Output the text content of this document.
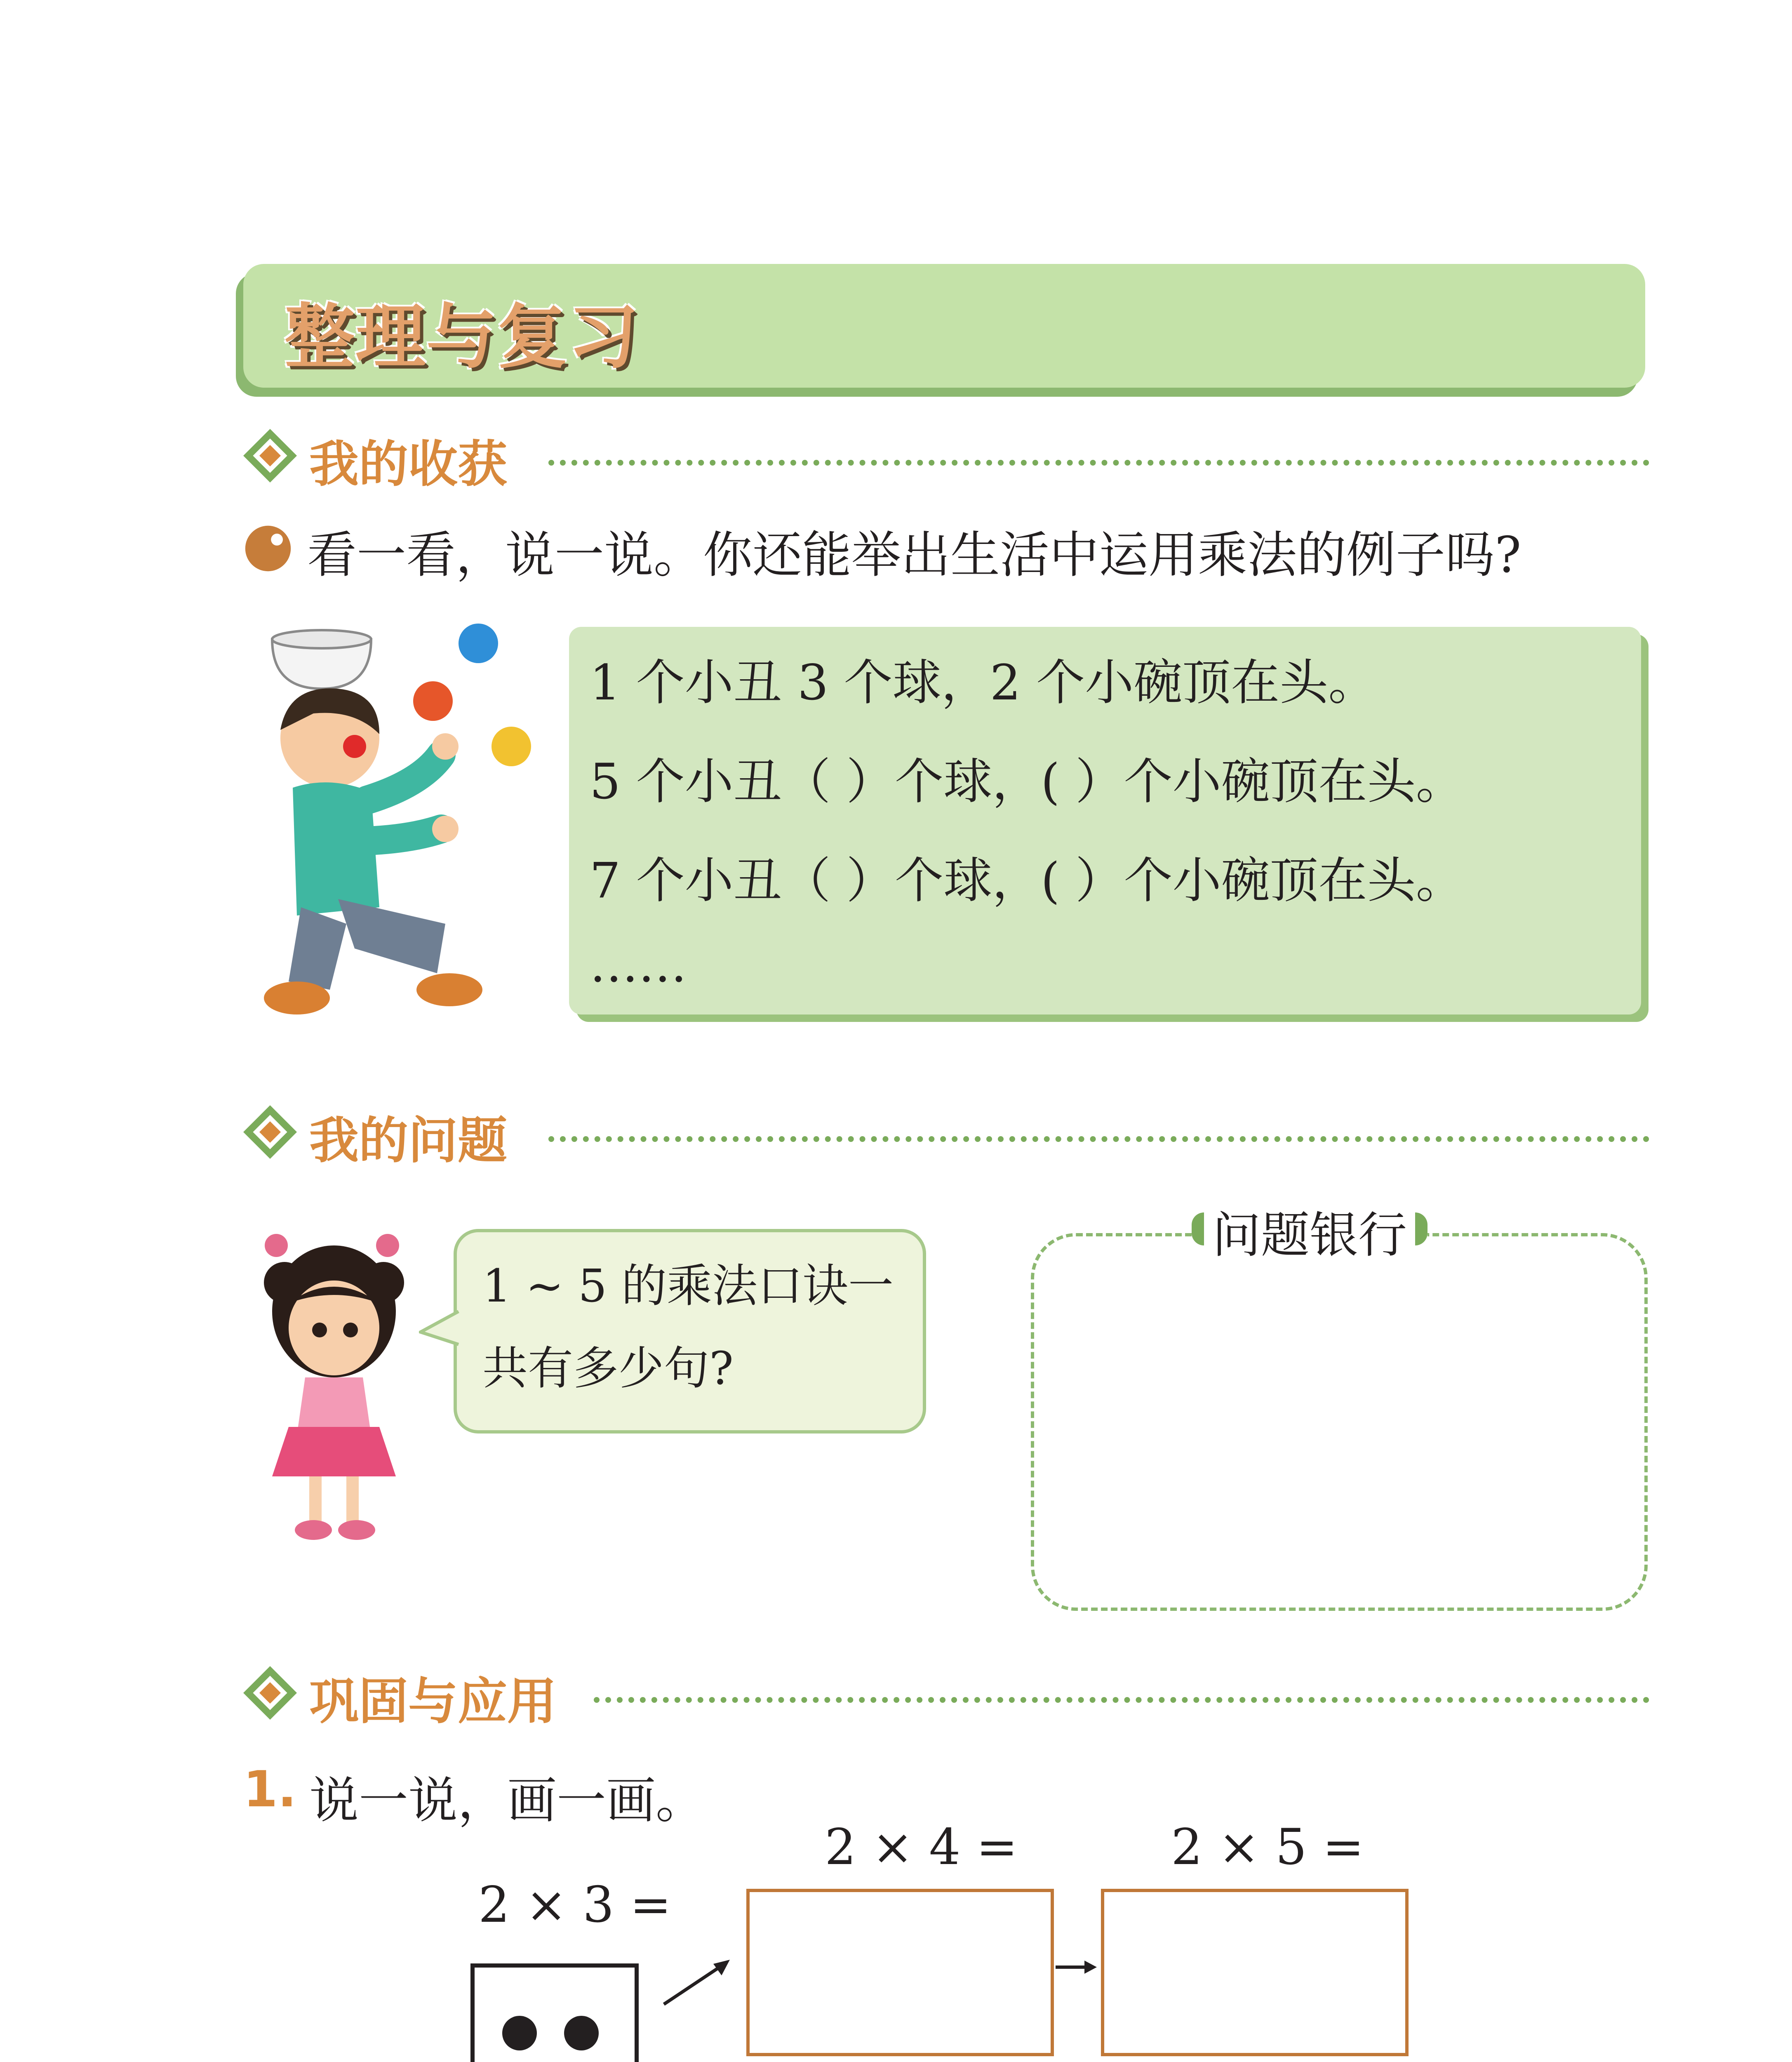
整理与复习
我的收获
看一看，说一说。你还能举出生活中运用乘法的例子吗?
1 个小丑 3 个球，2 个小碗顶在头。
5 个小丑（ ）个球，( ）个小碗顶在头。
7 个小丑（ ）个球，( ）个小碗顶在头。
……
我的问题
1 ~ 5 的乘法口诀一
共有多少句?
问题银行
巩固与应用
1. 说一说，画一画。
2 × 3 =
2 × 4 =	2 × 5 =
